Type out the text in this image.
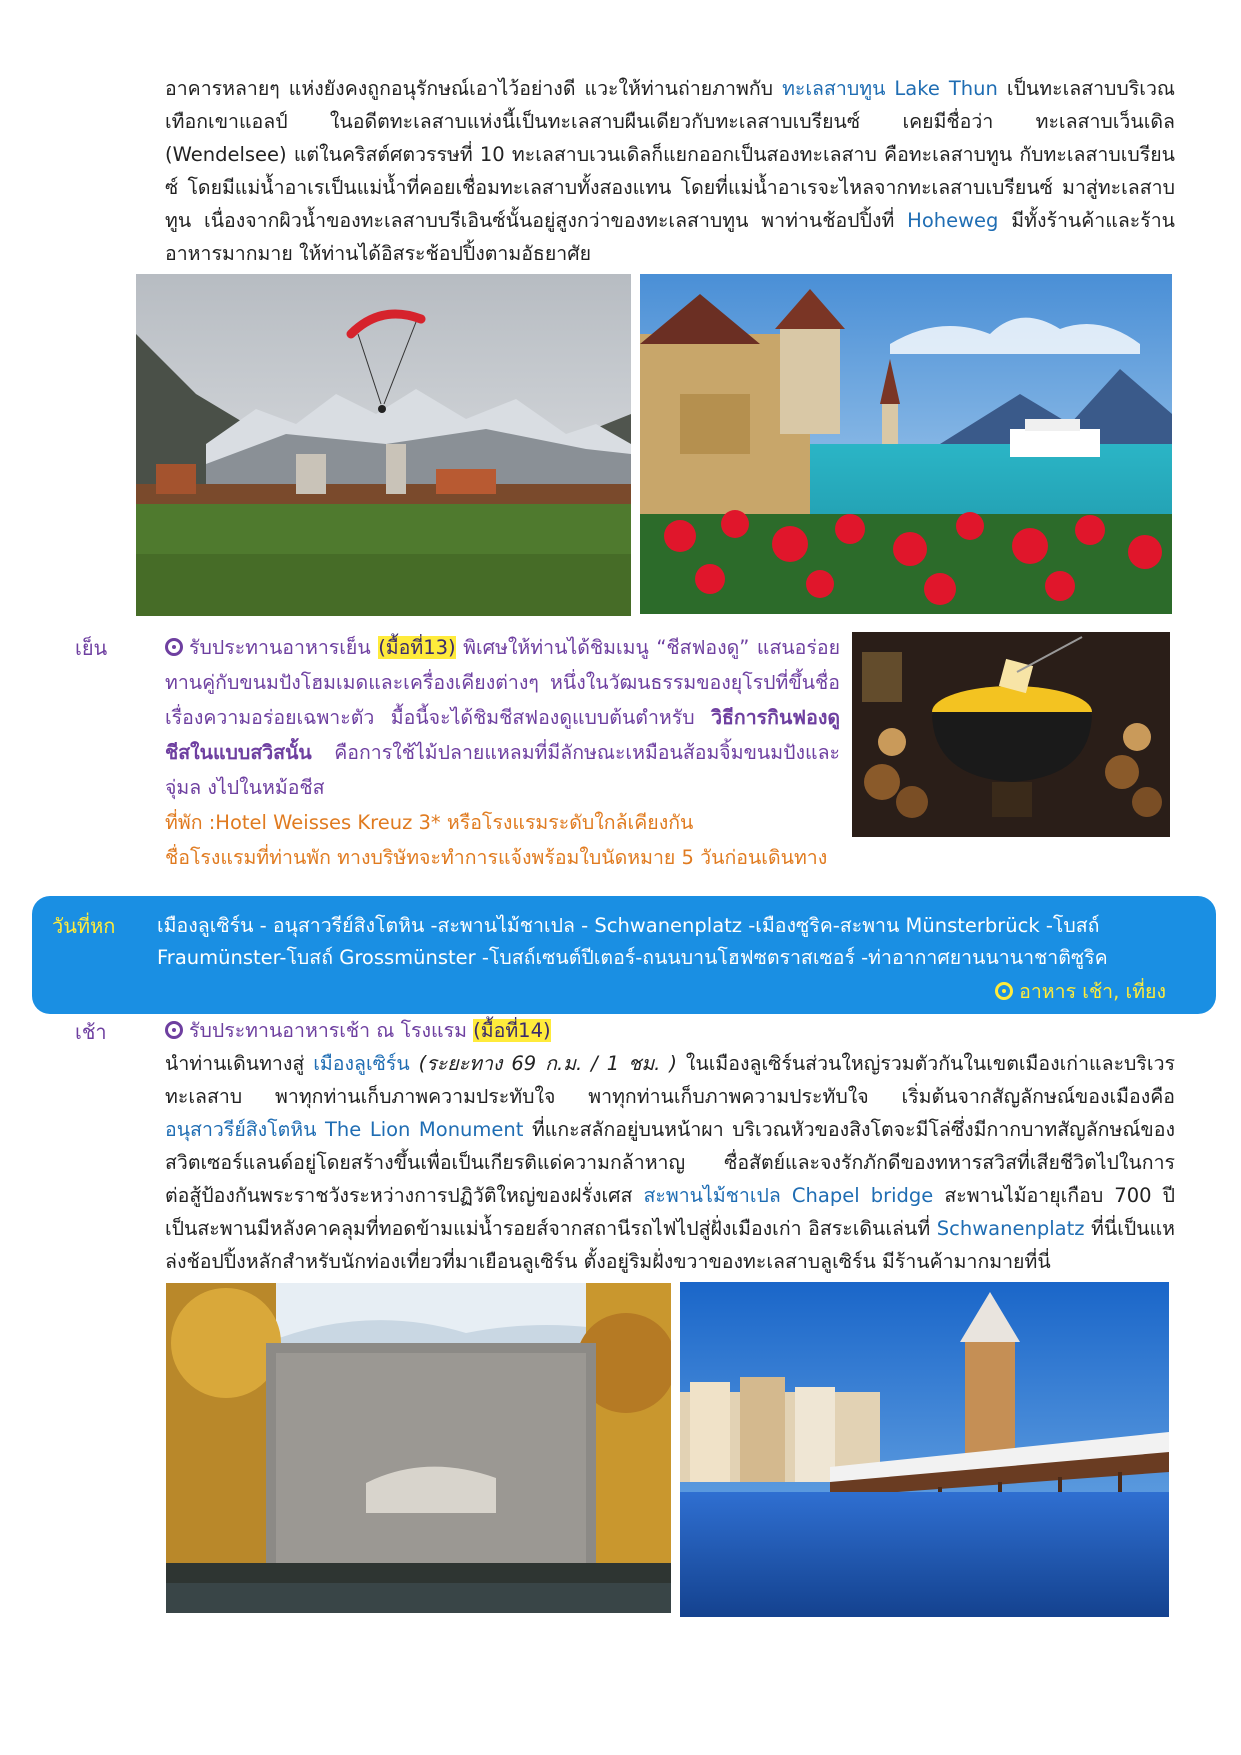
อาคารหลายๆ แห่งยังคงถูกอนุรักษณ์เอาไว้อย่างดี แวะให้ท่านถ่ายภาพกับ ทะเลสาบทูน Lake Thun เป็นทะเลสาบบริเวณเทือกเขาแอลป์ ในอดีตทะเลสาบแห่งนี้เป็นทะเลสาบผืนเดียวกับทะเลสาบเบรียนซ์ เคยมีชื่อว่า ทะเลสาบเว็นเดิล (Wendelsee) แต่ในคริสต์ศตวรรษที่ 10 ทะเลสาบเวนเดิลก็แยกออกเป็นสองทะเลสาบ คือทะเลสาบทูน กับทะเลสาบเบรียนซ์ โดยมีแม่น้ำอาเรเป็นแม่น้ำที่คอยเชื่อมทะเลสาบทั้งสองแทน โดยที่แม่น้ำอาเรจะไหลจากทะเลสาบเบรียนซ์ มาสู่ทะเลสาบทูน เนื่องจากผิวน้ำของทะเลสาบบรีเอินซ์นั้นอยู่สูงกว่าของทะเลสาบทูน พาท่านช้อปปิ้งที่ Hoheweg มีทั้งร้านค้าและร้านอาหารมากมาย ให้ท่านได้อิสระช้อปปิ้งตามอัธยาศัย

เย็น	รับประทานอาหารเย็น (มื้อที่13) พิเศษให้ท่านได้ชิมเมนู “ชีสฟองดู” แสนอร่อยทานคู่กับขนมปังโฮมเมดและเครื่องเคียงต่างๆ หนึ่งในวัฒนธรรมของยุโรปที่ขึ้นชื่อเรื่องความอร่อยเฉพาะตัว มื้อนี้จะได้ชิมชีสฟองดูแบบต้นตำหรับ วิธีการกินฟองดูชีสในแบบสวิสนั้น คือการใช้ไม้ปลายแหลมที่มีลักษณะเหมือนส้อมจิ้มขนมปังและจุ่มล งไปในหม้อชีส

ที่พัก :Hotel Weisses Kreuz 3* หรือโรงแรมระดับใกล้เคียงกัน

ชื่อโรงแรมที่ท่านพัก ทางบริษัทจะทำการแจ้งพร้อมใบนัดหมาย 5 วันก่อนเดินทาง

วันที่หก เมืองลูเซิร์น - อนุสาวรีย์สิงโตหิน -สะพานไม้ชาเปล - Schwanenplatz -เมืองซูริค-สะพาน Münsterbrück -โบสถ์ Fraumünster-โบสถ์ Grossmünster -โบสถ์เซนต์ปีเตอร์-ถนนบานโฮฟซตราสเซอร์ -ท่าอากาศยานนานาชาติซูริค
อาหาร เช้า, เที่ยง
เช้า	รับประทานอาหารเช้า ณ โรงแรม (มื้อที่14)

นำท่านเดินทางสู่ เมืองลูเซิร์น (ระยะทาง 69 ก.ม. / 1 ชม. ) ในเมืองลูเซิร์นส่วนใหญ่รวมตัวกันในเขตเมืองเก่าและบริเวรทะเลสาบ พาทุกท่านเก็บภาพความประทับใจ พาทุกท่านเก็บภาพความประทับใจ เริ่มต้นจากสัญลักษณ์ของเมืองคือ อนุสาวรีย์สิงโตหิน The Lion Monument ที่แกะสลักอยู่บนหน้าผา บริเวณหัวของสิงโตจะมีโล่ซึ่งมีกากบาทสัญลักษณ์ของสวิตเซอร์แลนด์อยู่โดยสร้างขึ้นเพื่อเป็นเกียรติแด่ความกล้าหาญ ซื่อสัตย์และจงรักภักดีของทหารสวิสที่เสียชีวิตไปในการต่อสู้ป้องกันพระราชวังระหว่างการปฏิวัติใหญ่ของฝรั่งเศส สะพานไม้ชาเปล Chapel bridge สะพานไม้อายุเกือบ 700 ปี เป็นสะพานมีหลังคาคลุมที่ทอดข้ามแม่น้ำรอยส์จากสถานีรถไฟไปสู่ฝั่งเมืองเก่า อิสระเดินเล่นที่ Schwanenplatz ที่นี่เป็นแหล่งช้อปปิ้งหลักสำหรับนักท่องเที่ยวที่มาเยือนลูเซิร์น ตั้งอยู่ริมฝั่งขวาของทะเลสาบลูเซิร์น มีร้านค้ามากมายที่นี่
